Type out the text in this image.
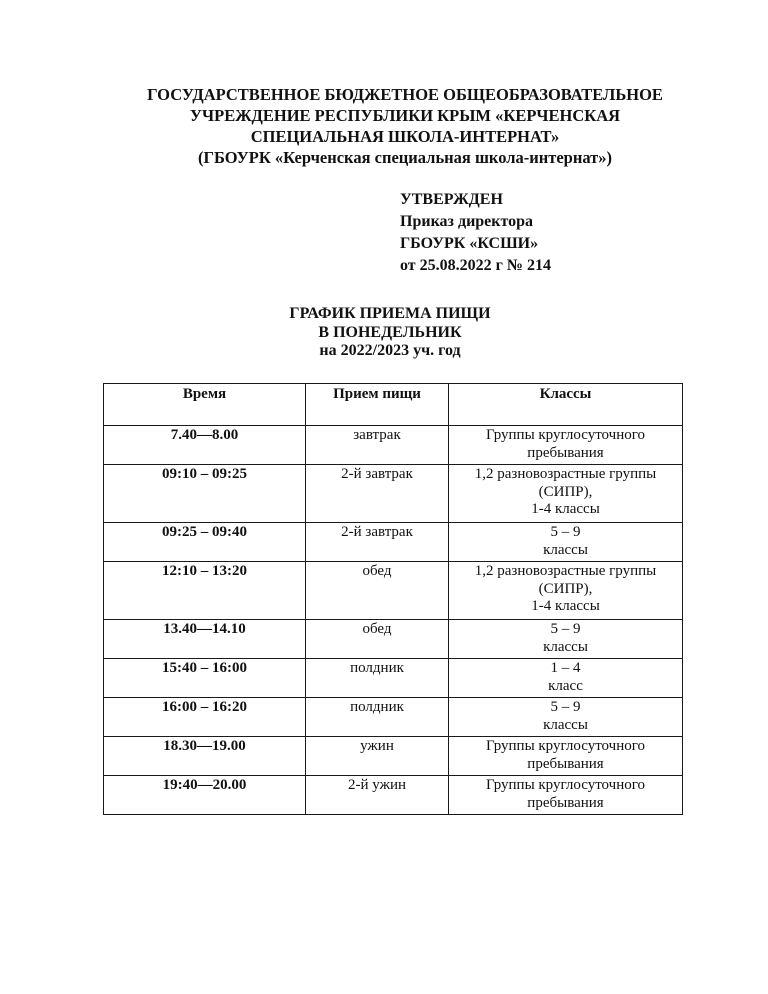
ГОСУДАРСТВЕННОЕ БЮДЖЕТНОЕ ОБЩЕОБРАЗОВАТЕЛЬНОЕ
УЧРЕЖДЕНИЕ РЕСПУБЛИКИ КРЫМ «КЕРЧЕНСКАЯ
СПЕЦИАЛЬНАЯ ШКОЛА-ИНТЕРНАТ»
(ГБОУРК «Керченская специальная школа-интернат»)
УТВЕРЖДЕН
Приказ директора
ГБОУРК «КСШИ»
от 25.08.2022 г № 214
ГРАФИК ПРИЕМА ПИЩИ
В ПОНЕДЕЛЬНИК
на 2022/2023 уч. год
Время	Прием пищи	Классы
7.40—8.00	завтрак	Группы круглосуточного
пребывания

09:10 – 09:25	2-й завтрак	1,2 разновозрастные группы
(СИПР),
1-4 классы

09:25 – 09:40	2-й завтрак	5 – 9
классы

12:10 – 13:20	обед	1,2 разновозрастные группы
(СИПР),
1-4 классы

13.40—14.10	обед	5 – 9
классы

15:40 – 16:00	полдник	1 – 4
класс

16:00 – 16:20	полдник	5 – 9
классы

18.30—19.00	ужин	Группы круглосуточного
пребывания

19:40—20.00	2-й ужин	Группы круглосуточного
пребывания
